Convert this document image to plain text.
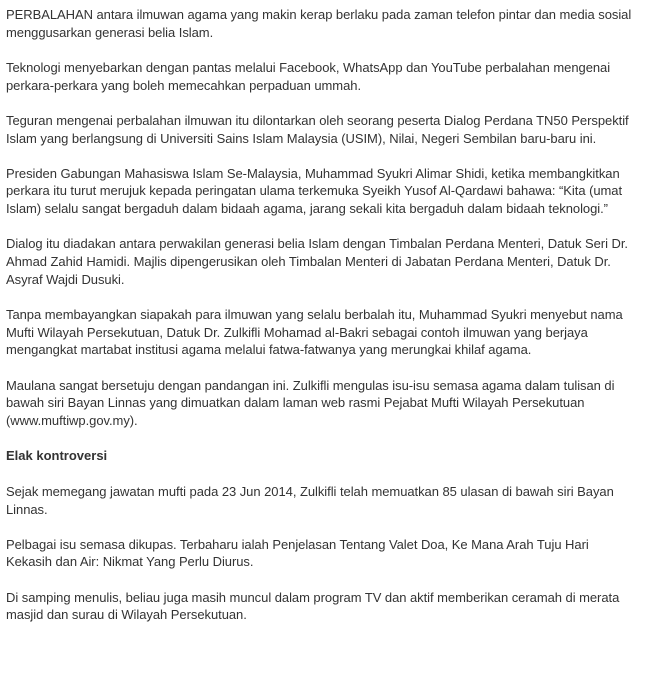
PERBALAHAN antara ilmuwan agama yang makin kerap berlaku pada zaman telefon pintar dan media sosial menggusarkan generasi belia Islam.

Teknologi menyebarkan dengan pantas melalui Facebook, WhatsApp dan YouTube perbalahan mengenai perkara-perkara yang boleh memecahkan perpaduan ummah.

Teguran mengenai perbalahan ilmuwan itu dilontarkan oleh seorang peserta Dialog Perdana TN50 Perspektif Islam yang berlangsung di Universiti Sains Islam Malaysia (USIM), Nilai, Negeri Sembilan baru-baru ini.

Presiden Gabungan Mahasiswa Islam Se-Malaysia, Muhammad Syukri Alimar Shidi, ketika membangkitkan perkara itu turut merujuk kepada peringatan ulama terkemuka Syeikh Yusof Al-Qardawi bahawa: “Kita (umat Islam) selalu sangat bergaduh dalam bidaah agama, jarang sekali kita bergaduh dalam bidaah teknologi.”

Dialog itu diadakan antara perwakilan generasi belia Islam dengan Timbalan Perdana Menteri, Datuk Seri Dr. Ahmad Zahid Hamidi. Majlis dipengerusikan oleh Timbalan Menteri di Jabatan Perdana Menteri, Datuk Dr. Asyraf Wajdi Dusuki.

Tanpa membayangkan siapakah para ilmuwan yang selalu berbalah itu, Muhammad Syukri menyebut nama Mufti Wilayah Persekutuan, Datuk Dr. Zulkifli Mohamad al-Bakri sebagai contoh ilmuwan yang berjaya mengangkat martabat institusi agama melalui fatwa-fatwanya yang merungkai khilaf agama.

Maulana sangat bersetuju dengan pandangan ini. Zulkifli mengulas isu-isu semasa agama dalam tulisan di bawah siri Bayan Linnas yang dimuatkan dalam laman web rasmi Pejabat Mufti Wilayah Persekutuan (www.muftiwp.gov.my).

Elak kontroversi

Sejak memegang jawatan mufti pada 23 Jun 2014, Zulkifli telah memuatkan 85 ulasan di bawah siri Bayan Linnas.

Pelbagai isu semasa dikupas. Terbaharu ialah Penjelasan Tentang Valet Doa, Ke Mana Arah Tuju Hari Kekasih dan Air: Nikmat Yang Perlu Diurus.

Di samping menulis, beliau juga masih muncul dalam program TV dan aktif memberikan ceramah di merata masjid dan surau di Wilayah Persekutuan.
